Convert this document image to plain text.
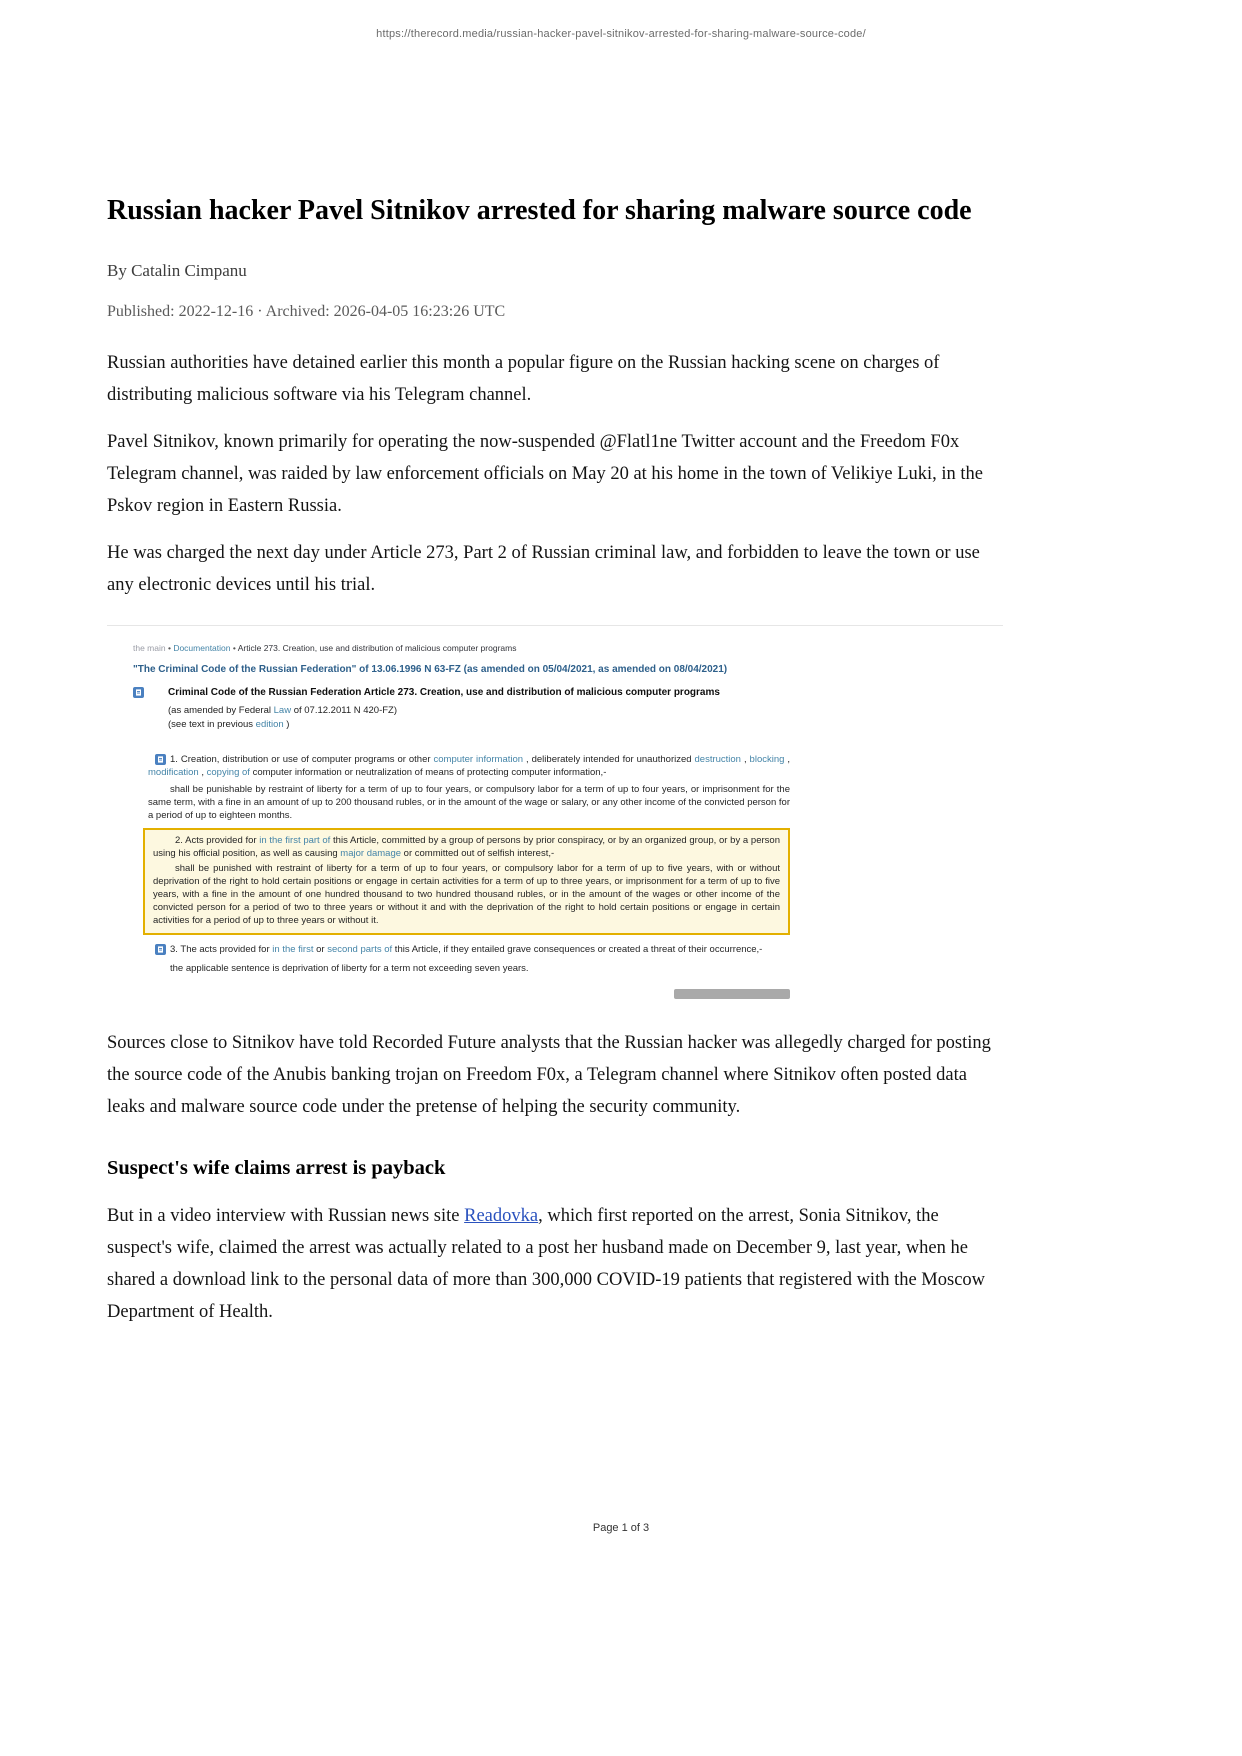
https://therecord.media/russian-hacker-pavel-sitnikov-arrested-for-sharing-malware-source-code/
Russian hacker Pavel Sitnikov arrested for sharing malware source code
By Catalin Cimpanu
Published: 2022-12-16 · Archived: 2026-04-05 16:23:26 UTC

Russian authorities have detained earlier this month a popular figure on the Russian hacking scene on charges of distributing malicious software via his Telegram channel.

Pavel Sitnikov, known primarily for operating the now-suspended @Flatl1ne Twitter account and the Freedom F0x Telegram channel, was raided by law enforcement officials on May 20 at his home in the town of Velikiye Luki, in the Pskov region in Eastern Russia.

He was charged the next day under Article 273, Part 2 of Russian criminal law, and forbidden to leave the town or use any electronic devices until his trial.

the main • Documentation • Article 273. Creation, use and distribution of malicious computer programs
"The Criminal Code of the Russian Federation" of 13.06.1996 N 63-FZ (as amended on 05/04/2021, as amended on 08/04/2021)
Criminal Code of the Russian Federation Article 273. Creation, use and distribution of malicious computer programs
(as amended by Federal Law of 07.12.2011 N 420-FZ)
(see text in previous edition )
1. Creation, distribution or use of computer programs or other computer information , deliberately intended for unauthorized destruction , blocking , modification , copying of computer information or neutralization of means of protecting computer information,-
shall be punishable by restraint of liberty for a term of up to four years, or compulsory labor for a term of up to four years, or imprisonment for the same term, with a fine in an amount of up to 200 thousand rubles, or in the amount of the wage or salary, or any other income of the convicted person for a period of up to eighteen months.
2. Acts provided for in the first part of this Article, committed by a group of persons by prior conspiracy, or by an organized group, or by a person using his official position, as well as causing major damage or committed out of selfish interest,-
shall be punished with restraint of liberty for a term of up to four years, or compulsory labor for a term of up to five years, with or without deprivation of the right to hold certain positions or engage in certain activities for a term of up to three years, or imprisonment for a term of up to five years, with a fine in the amount of one hundred thousand to two hundred thousand rubles, or in the amount of the wages or other income of the convicted person for a period of two to three years or without it and with the deprivation of the right to hold certain positions or engage in certain activities for a period of up to three years or without it.
3. The acts provided for in the first or second parts of this Article, if they entailed grave consequences or created a threat of their occurrence,-
the applicable sentence is deprivation of liberty for a term not exceeding seven years.

Sources close to Sitnikov have told Recorded Future analysts that the Russian hacker was allegedly charged for posting the source code of the Anubis banking trojan on Freedom F0x, a Telegram channel where Sitnikov often posted data leaks and malware source code under the pretense of helping the security community.

Suspect's wife claims arrest is payback

But in a video interview with Russian news site Readovka, which first reported on the arrest, Sonia Sitnikov, the suspect's wife, claimed the arrest was actually related to a post her husband made on December 9, last year, when he shared a download link to the personal data of more than 300,000 COVID-19 patients that registered with the Moscow Department of Health.

Page 1 of 3
